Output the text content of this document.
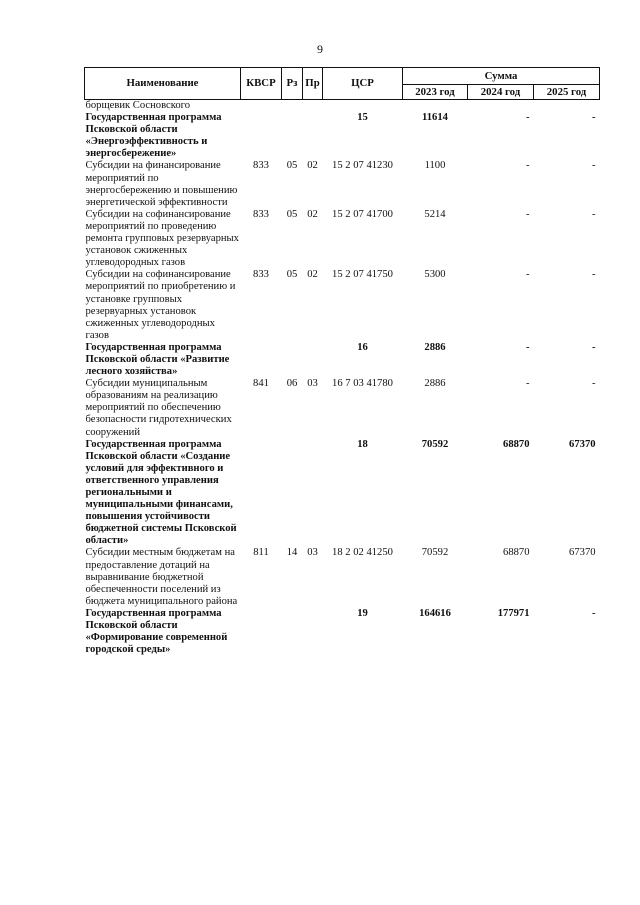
9
Наименование	КВСР	Рз	Пр	ЦСР	Сумма		
					2023 год	2024 год	2025 год
борщевик Сосновского							
Государственная программа Псковской области «Энергоэффективность и энергосбережение»				15	11614	-	-
Субсидии на финансирование мероприятий по энергосбережению и повышению энергетической эффективности	833	05	02	15 2 07 41230	1100	-	-
Субсидии на софинансирование мероприятий по проведению ремонта групповых резервуарных установок сжиженных углеводородных газов	833	05	02	15 2 07 41700	5214	-	-
Субсидии на софинансирование мероприятий по приобретению и установке групповых резервуарных установок сжиженных углеводородных газов	833	05	02	15 2 07 41750	5300	-	-
Государственная программа Псковской области «Развитие лесного хозяйства»				16	2886	-	-
Субсидии муниципальным образованиям на реализацию мероприятий по обеспечению безопасности гидротехнических сооружений	841	06	03	16 7 03 41780	2886	-	-
Государственная программа Псковской области «Создание условий для эффективного и ответственного управления региональными и муниципальными финансами, повышения устойчивости бюджетной системы Псковской области»				18	70592	68870	67370
Субсидии местным бюджетам на предоставление дотаций на выравнивание бюджетной обеспеченности поселений из бюджета муниципального района	811	14	03	18 2 02 41250	70592	68870	67370
Государственная программа Псковской области «Формирование современной городской среды»				19	164616	177971	-
